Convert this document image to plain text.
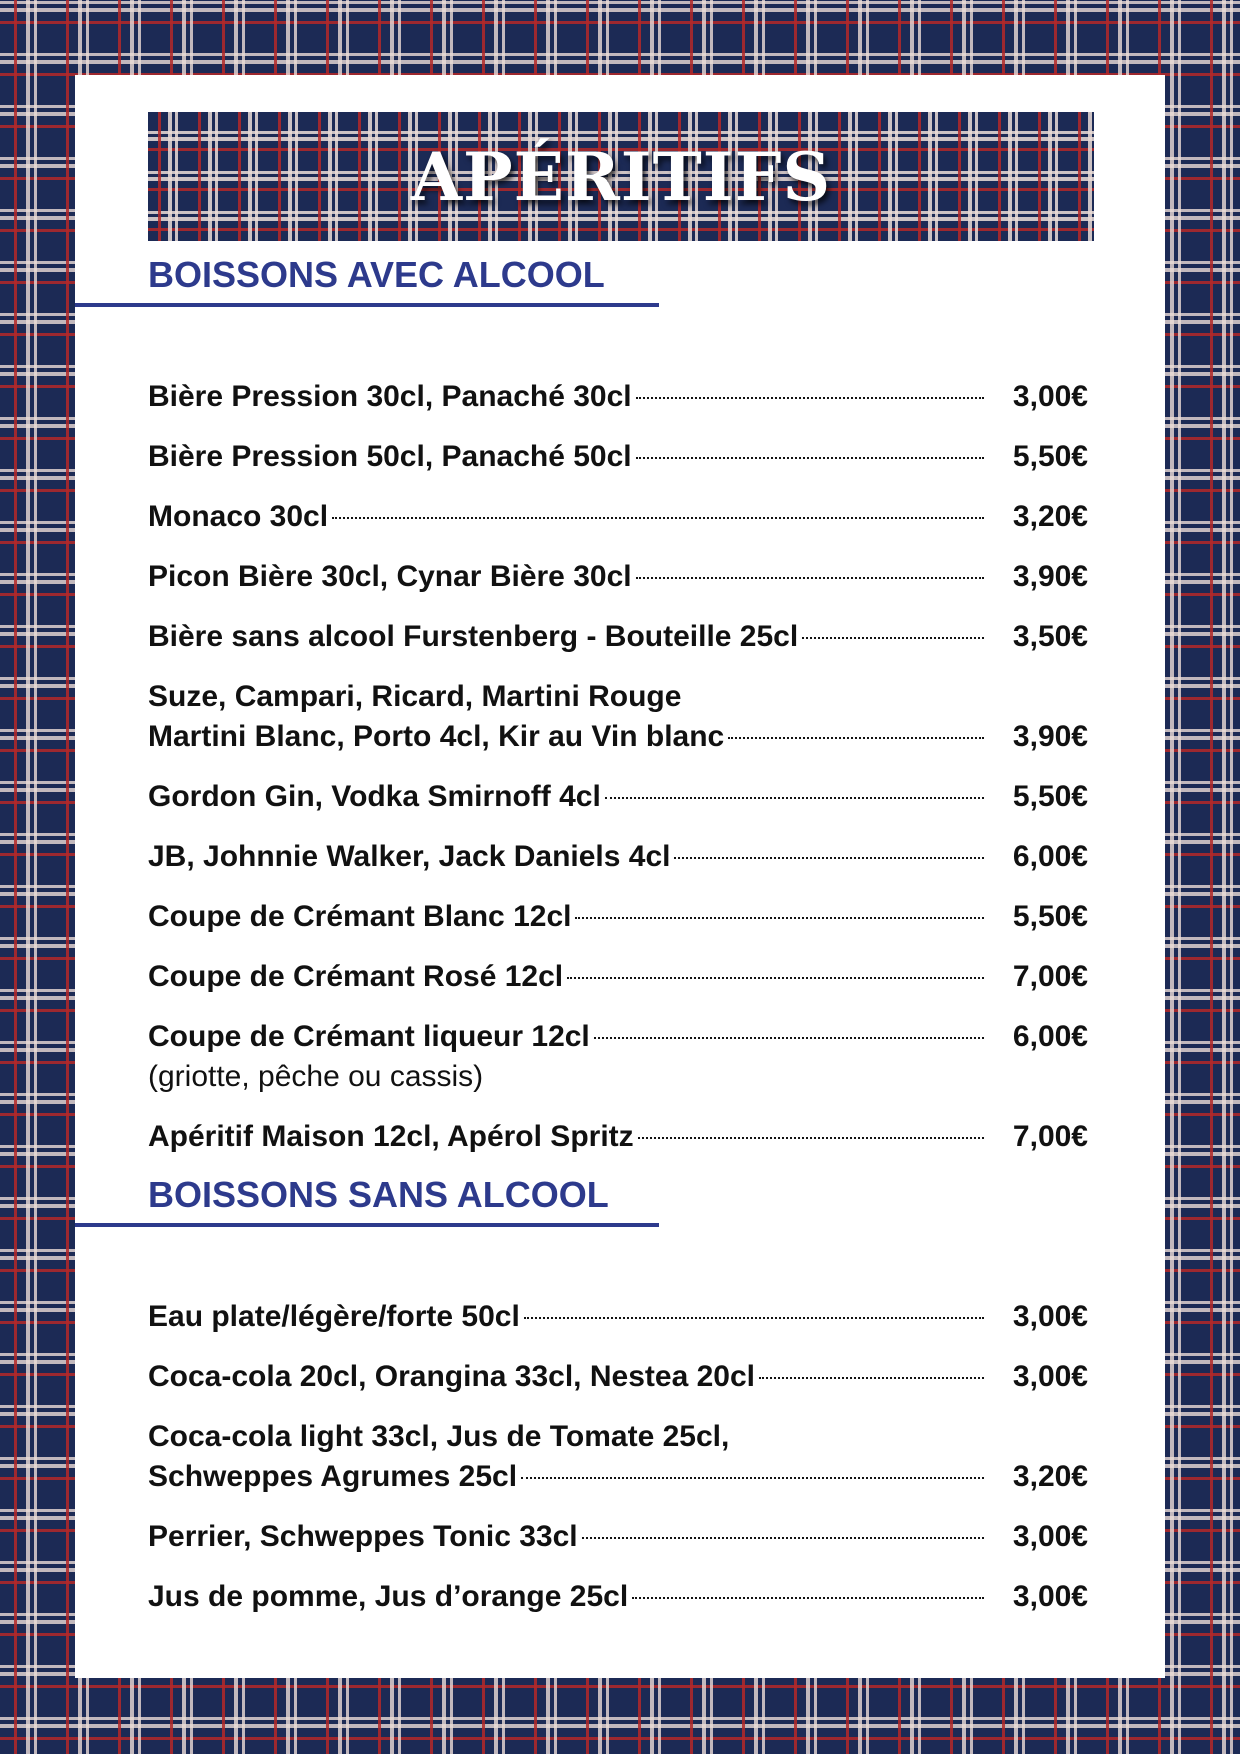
APÉRITIFS
BOISSONS AVEC ALCOOL
Bière Pression 30cl, Panaché 30cl	3,00€
Bière Pression 50cl, Panaché 50cl	5,50€
Monaco 30cl	3,20€
Picon Bière 30cl, Cynar Bière 30cl	3,90€
Bière sans alcool Furstenberg - Bouteille 25cl	3,50€
Suze, Campari, Ricard, Martini Rouge
Martini Blanc, Porto 4cl, Kir au Vin blanc	3,90€
Gordon Gin, Vodka Smirnoff 4cl	5,50€
JB, Johnnie Walker, Jack Daniels 4cl	6,00€
Coupe de Crémant Blanc 12cl	5,50€
Coupe de Crémant Rosé 12cl	7,00€
Coupe de Crémant liqueur 12cl	6,00€
(griotte, pêche ou cassis)
Apéritif Maison 12cl, Apérol Spritz	7,00€
BOISSONS SANS ALCOOL
Eau plate/légère/forte 50cl	3,00€
Coca-cola 20cl, Orangina 33cl, Nestea 20cl	3,00€
Coca-cola light 33cl, Jus de Tomate 25cl,
Schweppes Agrumes 25cl	3,20€
Perrier, Schweppes Tonic 33cl	3,00€
Jus de pomme, Jus d’orange 25cl	3,00€
